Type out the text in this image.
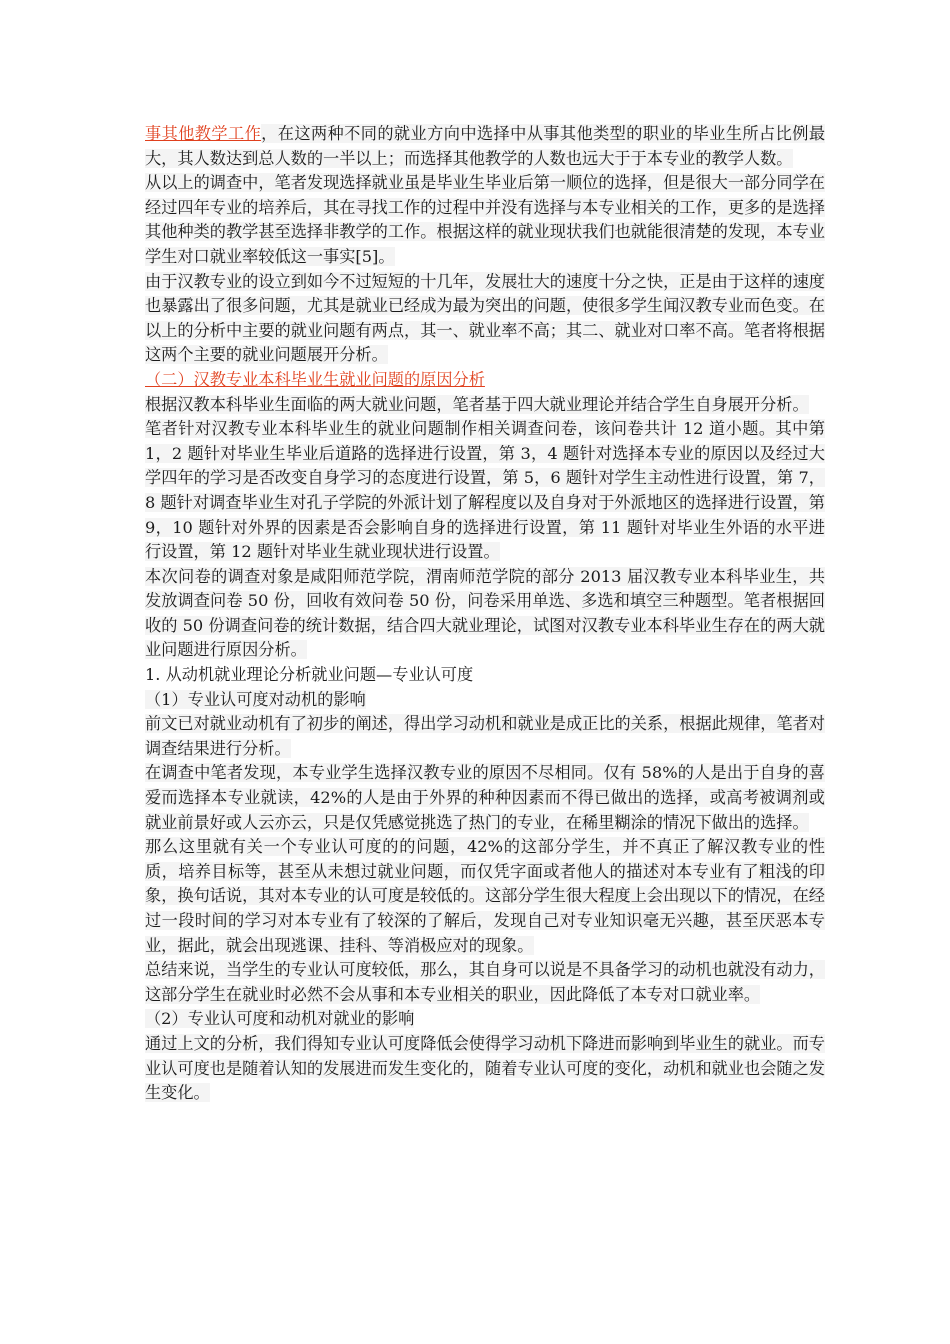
事其他教学工作，在这两种不同的就业方向中选择中从事其他类型的职业的毕业生所占比例最大，其人数达到总人数的一半以上；而选择其他教学的人数也远大于于本专业的教学人数。

从以上的调查中，笔者发现选择就业虽是毕业生毕业后第一顺位的选择，但是很大一部分同学在经过四年专业的培养后，其在寻找工作的过程中并没有选择与本专业相关的工作，更多的是选择其他种类的教学甚至选择非教学的工作。根据这样的就业现状我们也就能很清楚的发现，本专业学生对口就业率较低这一事实[5]。

由于汉教专业的设立到如今不过短短的十几年，发展壮大的速度十分之快，正是由于这样的速度也暴露出了很多问题，尤其是就业已经成为最为突出的问题，使很多学生闻汉教专业而色变。在以上的分析中主要的就业问题有两点，其一、就业率不高；其二、就业对口率不高。笔者将根据这两个主要的就业问题展开分析。

（二）汉教专业本科毕业生就业问题的原因分析

根据汉教本科毕业生面临的两大就业问题，笔者基于四大就业理论并结合学生自身展开分析。

笔者针对汉教专业本科毕业生的就业问题制作相关调查问卷，该问卷共计 12 道小题。其中第 1，2 题针对毕业生毕业后道路的选择进行设置，第 3，4 题针对选择本专业的原因以及经过大学四年的学习是否改变自身学习的态度进行设置，第 5，6 题针对学生主动性进行设置，第 7，8 题针对调查毕业生对孔子学院的外派计划了解程度以及自身对于外派地区的选择进行设置，第 9，10 题针对外界的因素是否会影响自身的选择进行设置，第 11 题针对毕业生外语的水平进行设置，第 12 题针对毕业生就业现状进行设置。

本次问卷的调查对象是咸阳师范学院，渭南师范学院的部分 2013 届汉教专业本科毕业生，共发放调查问卷 50 份，回收有效问卷 50 份，问卷采用单选、多选和填空三种题型。笔者根据回收的 50 份调查问卷的统计数据，结合四大就业理论，试图对汉教专业本科毕业生存在的两大就业问题进行原因分析。

1. 从动机就业理论分析就业问题—专业认可度

（1）专业认可度对动机的影响

前文已对就业动机有了初步的阐述，得出学习动机和就业是成正比的关系，根据此规律，笔者对调查结果进行分析。

在调查中笔者发现，本专业学生选择汉教专业的原因不尽相同。仅有 58%的人是出于自身的喜爱而选择本专业就读，42%的人是由于外界的种种因素而不得已做出的选择，或高考被调剂或就业前景好或人云亦云，只是仅凭感觉挑选了热门的专业，在稀里糊涂的情况下做出的选择。

那么这里就有关一个专业认可度的的问题，42%的这部分学生，并不真正了解汉教专业的性质，培养目标等，甚至从未想过就业问题，而仅凭字面或者他人的描述对本专业有了粗浅的印象，换句话说，其对本专业的认可度是较低的。这部分学生很大程度上会出现以下的情况，在经过一段时间的学习对本专业有了较深的了解后，发现自己对专业知识毫无兴趣，甚至厌恶本专业，据此，就会出现逃课、挂科、等消极应对的现象。

总结来说，当学生的专业认可度较低，那么，其自身可以说是不具备学习的动机也就没有动力，这部分学生在就业时必然不会从事和本专业相关的职业，因此降低了本专对口就业率。

（2）专业认可度和动机对就业的影响

通过上文的分析，我们得知专业认可度降低会使得学习动机下降进而影响到毕业生的就业。而专业认可度也是随着认知的发展进而发生变化的，随着专业认可度的变化，动机和就业也会随之发生变化。
